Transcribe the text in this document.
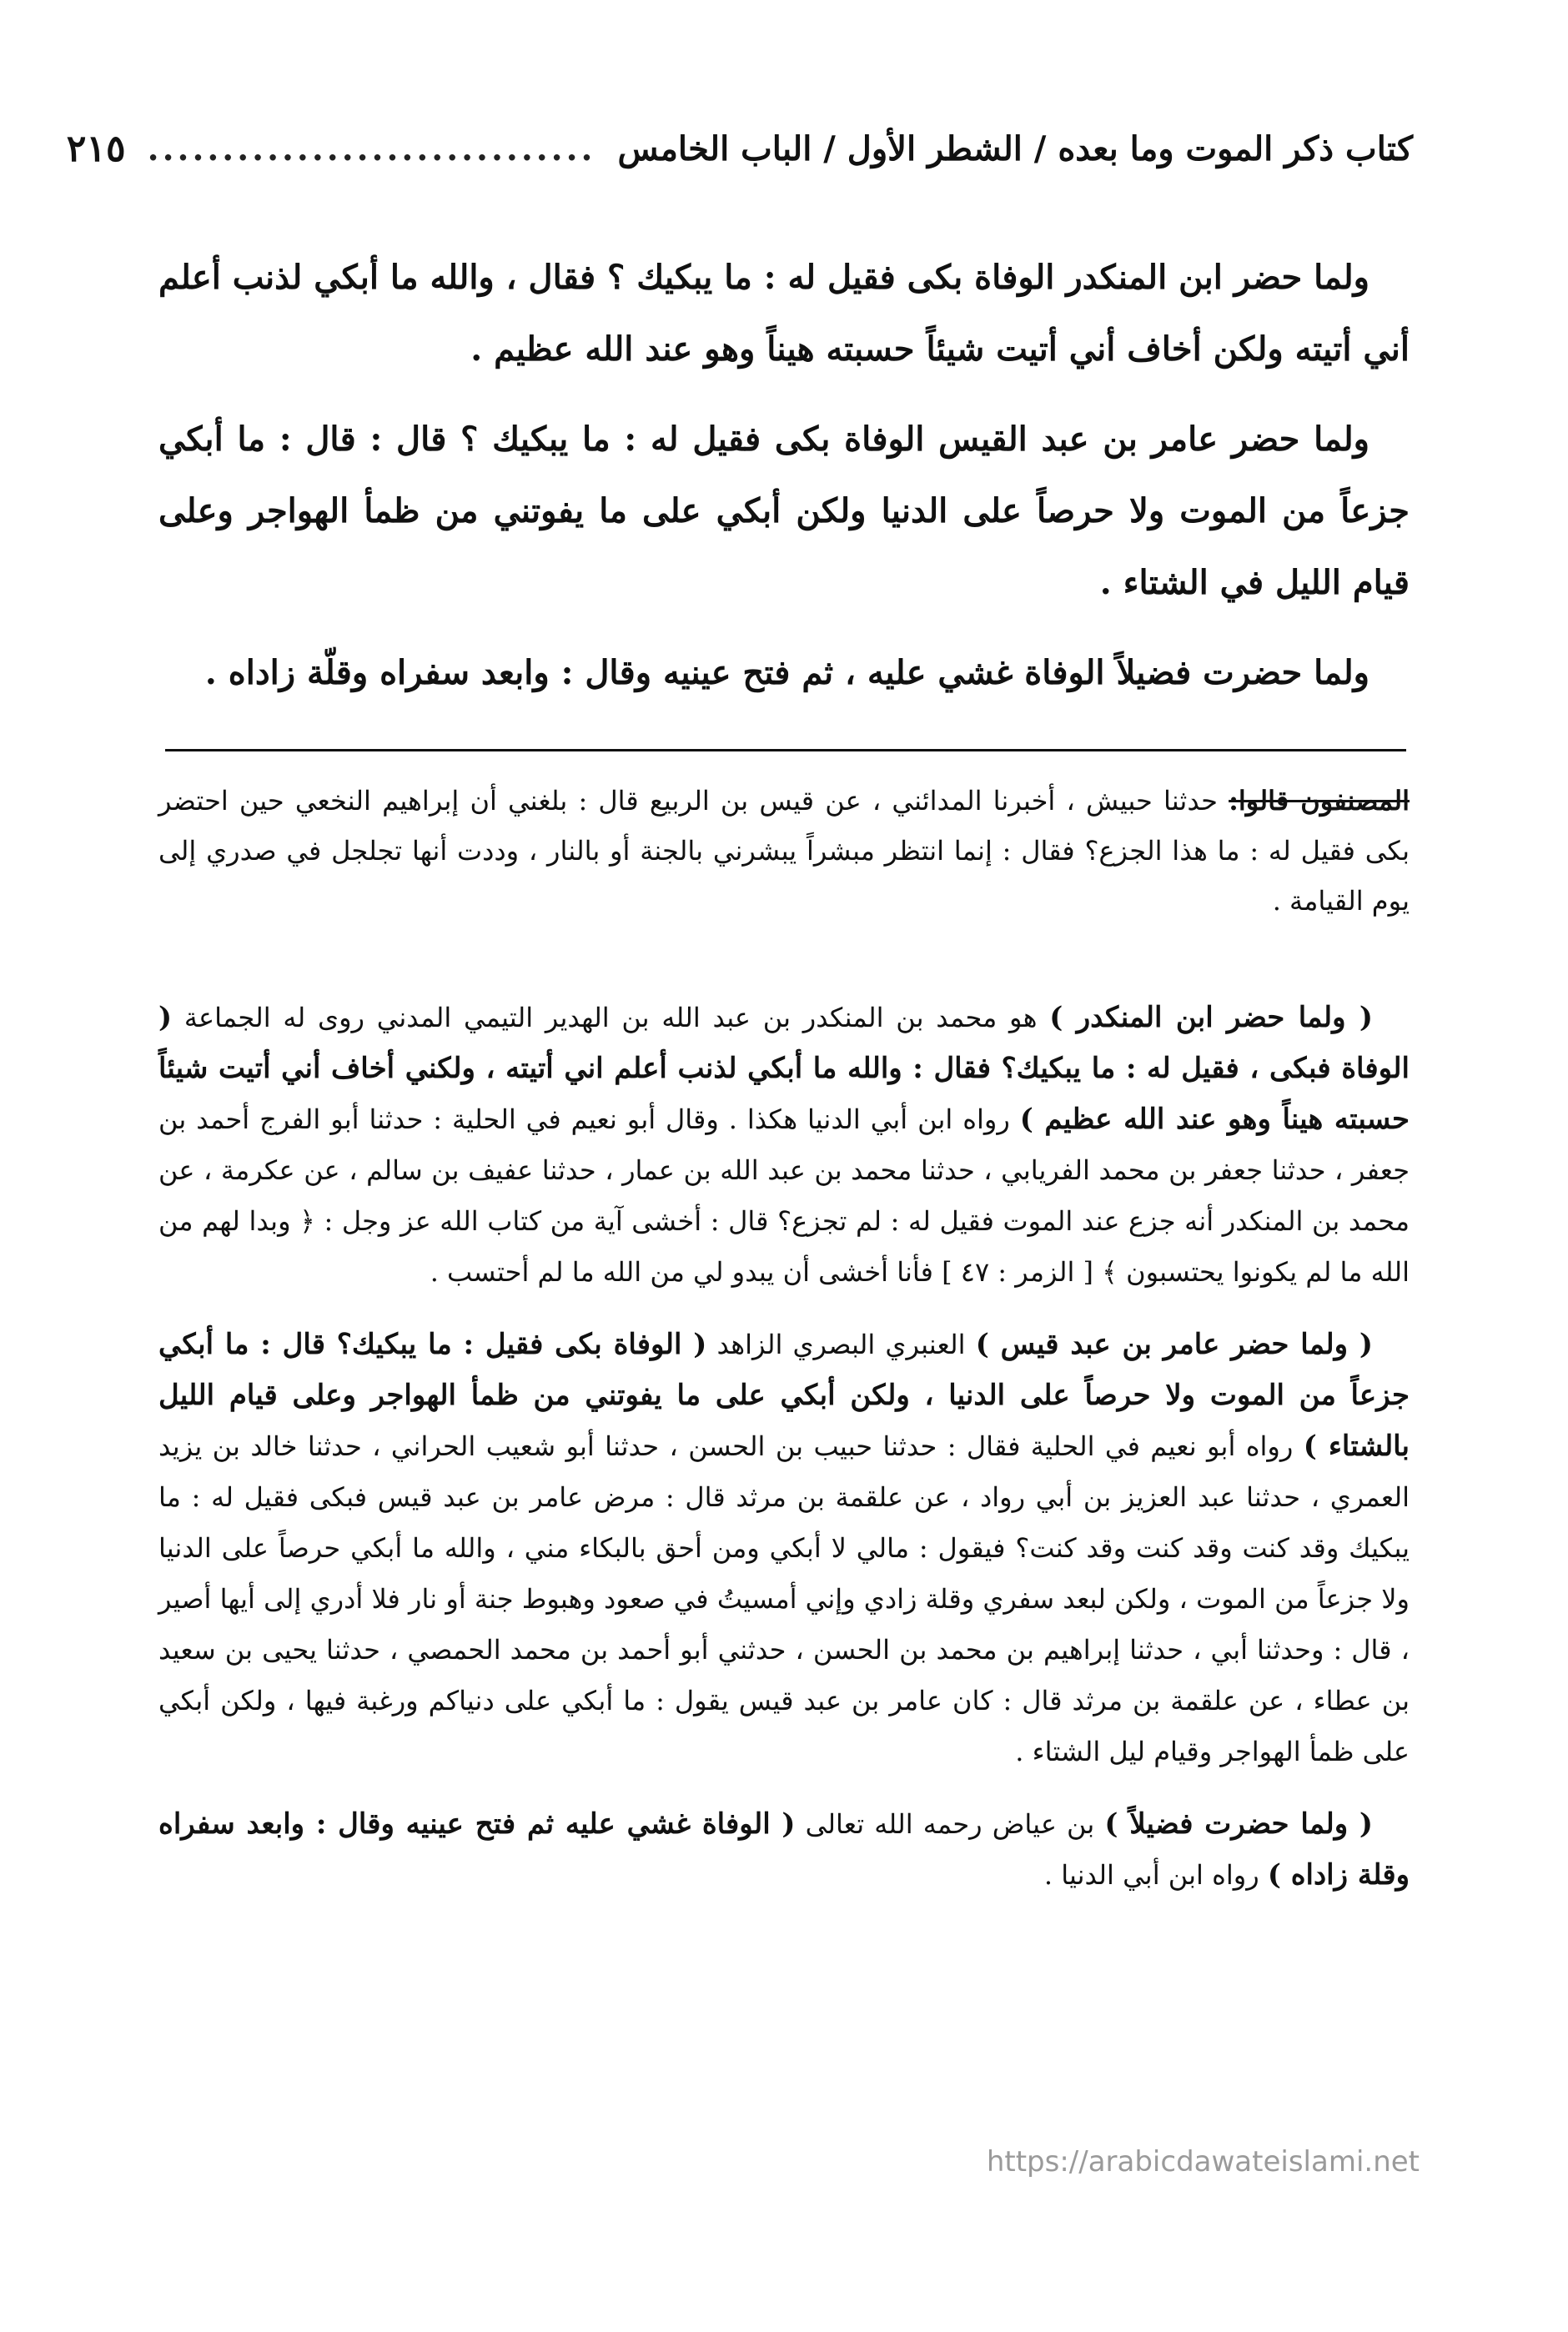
كتاب ذكر الموت وما بعده / الشطر الأول / الباب الخامس
..............................
٢١٥

ولما حضر ابن المنكدر الوفاة بكى فقيل له : ما يبكيك ؟ فقال ، والله ما أبكي لذنب أعلم أني أتيته ولكن أخاف أني أتيت شيئاً حسبته هيناً وهو عند الله عظيم .

ولما حضر عامر بن عبد القيس الوفاة بكى فقيل له : ما يبكيك ؟ قال : قال : ما أبكي جزعاً من الموت ولا حرصاً على الدنيا ولكن أبكي على ما يفوتني من ظمأ الهواجر وعلى قيام الليل في الشتاء .

ولما حضرت فضيلاً الوفاة غشي عليه ، ثم فتح عينيه وقال : وابعد سفراه وقلّة زاداه .

المصنفون قالوا: حدثنا حبيش ، أخبرنا المدائني ، عن قيس بن الربيع قال : بلغني أن إبراهيم النخعي حين احتضر بكى فقيل له : ما هذا الجزع؟ فقال : إنما انتظر مبشراً يبشرني بالجنة أو بالنار ، وددت أنها تجلجل في صدري إلى يوم القيامة .

( ولما حضر ابن المنكدر ) هو محمد بن المنكدر بن عبد الله بن الهدير التيمي المدني روى له الجماعة ( الوفاة فبكى ، فقيل له : ما يبكيك؟ فقال : والله ما أبكي لذنب أعلم اني أتيته ، ولكني أخاف أني أتيت شيئاً حسبته هيناً وهو عند الله عظيم ) رواه ابن أبي الدنيا هكذا . وقال أبو نعيم في الحلية : حدثنا أبو الفرج أحمد بن جعفر ، حدثنا جعفر بن محمد الفريابي ، حدثنا محمد بن عبد الله بن عمار ، حدثنا عفيف بن سالم ، عن عكرمة ، عن محمد بن المنكدر أنه جزع عند الموت فقيل له : لم تجزع؟ قال : أخشى آية من كتاب الله عز وجل : ﴿ وبدا لهم من الله ما لم يكونوا يحتسبون ﴾ [ الزمر : ٤٧ ] فأنا أخشى أن يبدو لي من الله ما لم أحتسب .

( ولما حضر عامر بن عبد قيس ) العنبري البصري الزاهد ( الوفاة بكى فقيل : ما يبكيك؟ قال : ما أبكي جزعاً من الموت ولا حرصاً على الدنيا ، ولكن أبكي على ما يفوتني من ظمأ الهواجر وعلى قيام الليل بالشتاء ) رواه أبو نعيم في الحلية فقال : حدثنا حبيب بن الحسن ، حدثنا أبو شعيب الحراني ، حدثنا خالد بن يزيد العمري ، حدثنا عبد العزيز بن أبي رواد ، عن علقمة بن مرثد قال : مرض عامر بن عبد قيس فبكى فقيل له : ما يبكيك وقد كنت وقد كنت وقد كنت؟ فيقول : مالي لا أبكي ومن أحق بالبكاء مني ، والله ما أبكي حرصاً على الدنيا ولا جزعاً من الموت ، ولكن لبعد سفري وقلة زادي وإني أمسيتُ في صعود وهبوط جنة أو نار فلا أدري إلى أيها أصير ، قال : وحدثنا أبي ، حدثنا إبراهيم بن محمد بن الحسن ، حدثني أبو أحمد بن محمد الحمصي ، حدثنا يحيى بن سعيد بن عطاء ، عن علقمة بن مرثد قال : كان عامر بن عبد قيس يقول : ما أبكي على دنياكم ورغبة فيها ، ولكن أبكي على ظمأ الهواجر وقيام ليل الشتاء .

( ولما حضرت فضيلاً ) بن عياض رحمه الله تعالى ( الوفاة غشي عليه ثم فتح عينيه وقال : وابعد سفراه وقلة زاداه ) رواه ابن أبي الدنيا .

https://arabicdawateislami.net
